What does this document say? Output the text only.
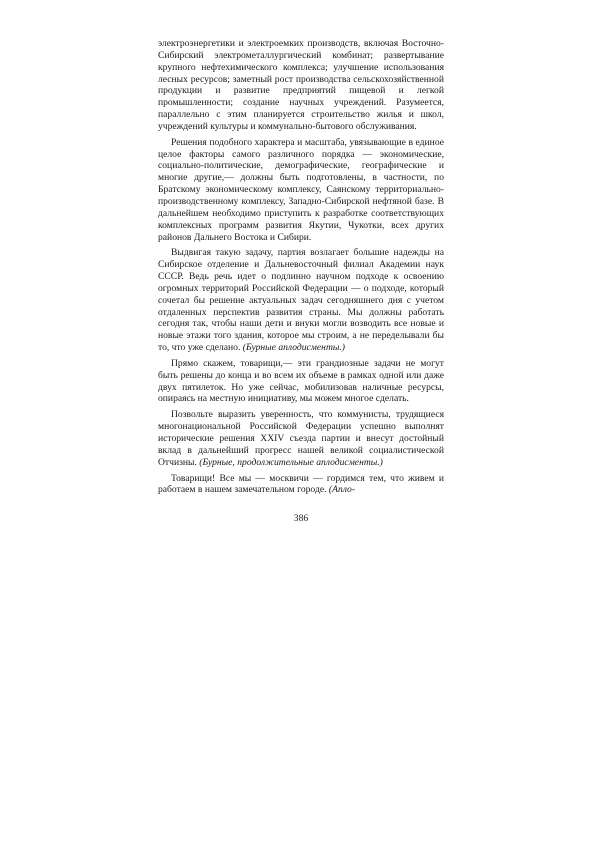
электроэнергетики и электроемких производств, включая Восточно-Сибирский электрометаллургический комбинат; развертывание крупного нефтехимического комплекса; улучшение использования лесных ресурсов; заметный рост производства сельскохозяйственной продукции и развитие предприятий пищевой и легкой промышленности; создание научных учреждений. Разумеется, параллельно с этим планируется строительство жилья и школ, учреждений культуры и коммунально-бытового обслуживания.

Решения подобного характера и масштаба, увязывающие в единое целое факторы самого различного порядка — экономические, социально-политические, демографические, географические и многие другие,— должны быть подготовлены, в частности, по Братскому экономическому комплексу, Саянскому территориально-производственному комплексу, Западно-Сибирской нефтяной базе. В дальнейшем необходимо приступить к разработке соответствующих комплексных программ развития Якутии, Чукотки, всех других районов Дальнего Востока и Сибири.

Выдвигая такую задачу, партия возлагает большие надежды на Сибирское отделение и Дальневосточный филиал Академии наук СССР. Ведь речь идет о подлинно научном подходе к освоению огромных территорий Российской Федерации — о подходе, который сочетал бы решение актуальных задач сегодняшнего дня с учетом отдаленных перспектив развития страны. Мы должны работать сегодня так, чтобы наши дети и внуки могли возводить все новые и новые этажи того здания, которое мы строим, а не переделывали бы то, что уже сделано. (Бурные аплодисменты.)

Прямо скажем, товарищи,— эти грандиозные задачи не могут быть решены до конца и во всем их объеме в рамках одной или даже двух пятилеток. Но уже сейчас, мобилизовав наличные ресурсы, опираясь на местную инициативу, мы можем многое сделать.

Позвольте выразить уверенность, что коммунисты, трудящиеся многонациональной Российской Федерации успешно выполнят исторические решения XXIV съезда партии и внесут достойный вклад в дальнейший прогресс нашей великой социалистической Отчизны. (Бурные, продолжительные аплодисменты.)

Товарищи! Все мы — москвичи — гордимся тем, что живем и работаем в нашем замечательном городе. (Апло-

386
